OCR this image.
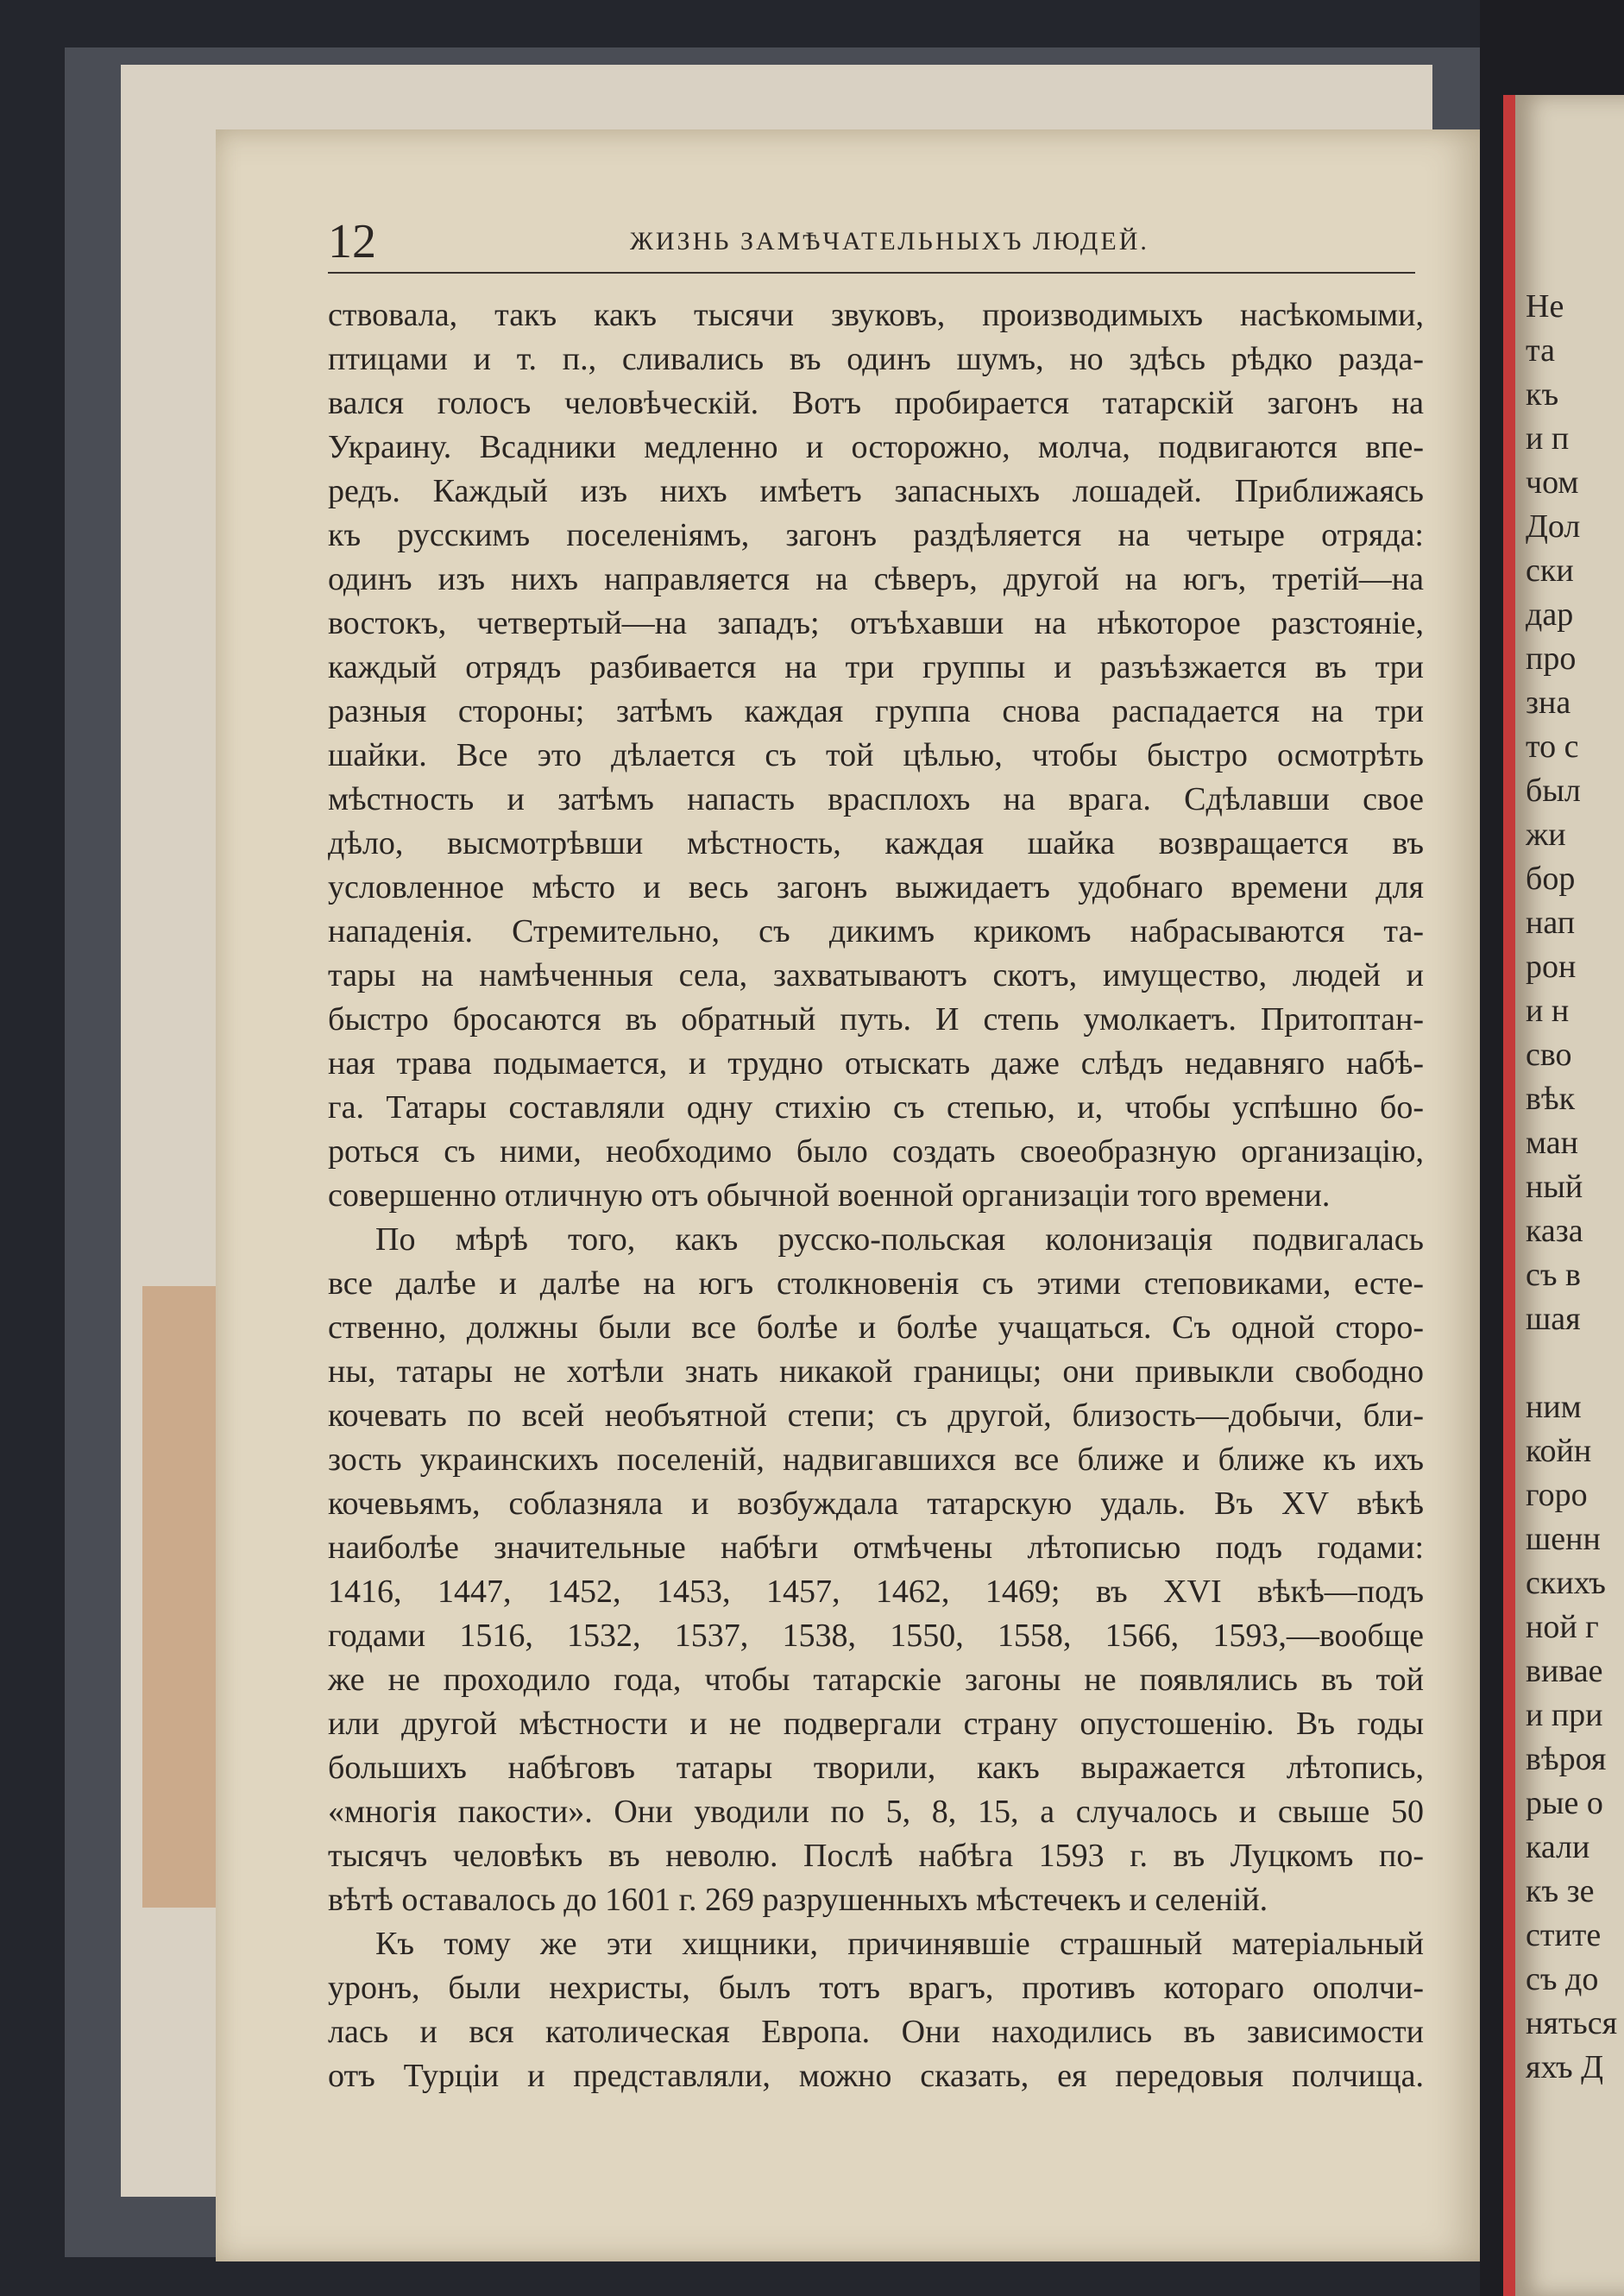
12	ЖИЗНЬ ЗАМѢЧАТЕЛЬНЫХЪ ЛЮДЕЙ.
ствовала, такъ какъ тысячи звуковъ, производимыхъ насѣкомыми,
птицами и т. п., сливались въ одинъ шумъ, но здѣсь рѣдко разда-
вался голосъ человѣческій. Вотъ пробирается татарскій загонъ на
Украину. Всадники медленно и осторожно, молча, подвигаются впе-
редъ. Каждый изъ нихъ имѣетъ запасныхъ лошадей. Приближаясь
къ русскимъ поселеніямъ, загонъ раздѣляется на четыре отряда:
одинъ изъ нихъ направляется на сѣверъ, другой на югъ, третій—на
востокъ, четвертый—на западъ; отъѣхавши на нѣкоторое разстояніе,
каждый отрядъ разбивается на три группы и разъѣзжается въ три
разныя стороны; затѣмъ каждая группа снова распадается на три
шайки. Все это дѣлается съ той цѣлью, чтобы быстро осмотрѣть
мѣстность и затѣмъ напасть врасплохъ на врага. Сдѣлавши свое
дѣло, высмотрѣвши мѣстность, каждая шайка возвращается въ
условленное мѣсто и весь загонъ выжидаетъ удобнаго времени для
нападенія. Стремительно, съ дикимъ крикомъ набрасываются та-
тары на намѣченныя села, захватываютъ скотъ, имущество, людей и
быстро бросаются въ обратный путь. И степь умолкаетъ. Притоптан-
ная трава подымается, и трудно отыскать даже слѣдъ недавняго набѣ-
га. Татары составляли одну стихію съ степью, и, чтобы успѣшно бо-
роться съ ними, необходимо было создать своеобразную организацію,
совершенно отличную отъ обычной военной организаціи того времени.
По мѣрѣ того, какъ русско-польская колонизація подвигалась
все далѣе и далѣе на югъ столкновенія съ этими степовиками, есте-
ственно, должны были все болѣе и болѣе учащаться. Съ одной сторо-
ны, татары не хотѣли знать никакой границы; они привыкли свободно
кочевать по всей необъятной степи; съ другой, близость—добычи, бли-
зость украинскихъ поселеній, надвигавшихся все ближе и ближе къ ихъ
кочевьямъ, соблазняла и возбуждала татарскую удаль. Въ XV вѣкѣ
наиболѣе значительные набѣги отмѣчены лѣтописью подъ годами:
1416, 1447, 1452, 1453, 1457, 1462, 1469; въ XVI вѣкѣ—подъ
годами 1516, 1532, 1537, 1538, 1550, 1558, 1566, 1593,—вообще
же не проходило года, чтобы татарскіе загоны не появлялись въ той
или другой мѣстности и не подвергали страну опустошенію. Въ годы
большихъ набѣговъ татары творили, какъ выражается лѣтопись,
«многія пакости». Они уводили по 5, 8, 15, а случалось и свыше 50
тысячъ человѣкъ въ неволю. Послѣ набѣга 1593 г. въ Луцкомъ по-
вѣтѣ оставалось до 1601 г. 269 разрушенныхъ мѣстечекъ и селеній.
Къ тому же эти хищники, причинявшіе страшный матеріальный
уронъ, были нехристы, былъ тотъ врагъ, противъ котораго ополчи-
лась и вся католическая Европа. Они находились въ зависимости
отъ Турціи и представляли, можно сказать, ея передовыя полчища.
Не
та
къ
и п
чом
Дол
ски
дар
про
зна
то с
был
жи
бор
нап
рон
и н
сво
вѣк
ман
ный
каза
съ в
шая
ним
койн
горо
шенн
скихъ
ной г
вивае
и при
вѣроя
рые о
кали
къ зе
стите
съ до
няться
яхъ Д
